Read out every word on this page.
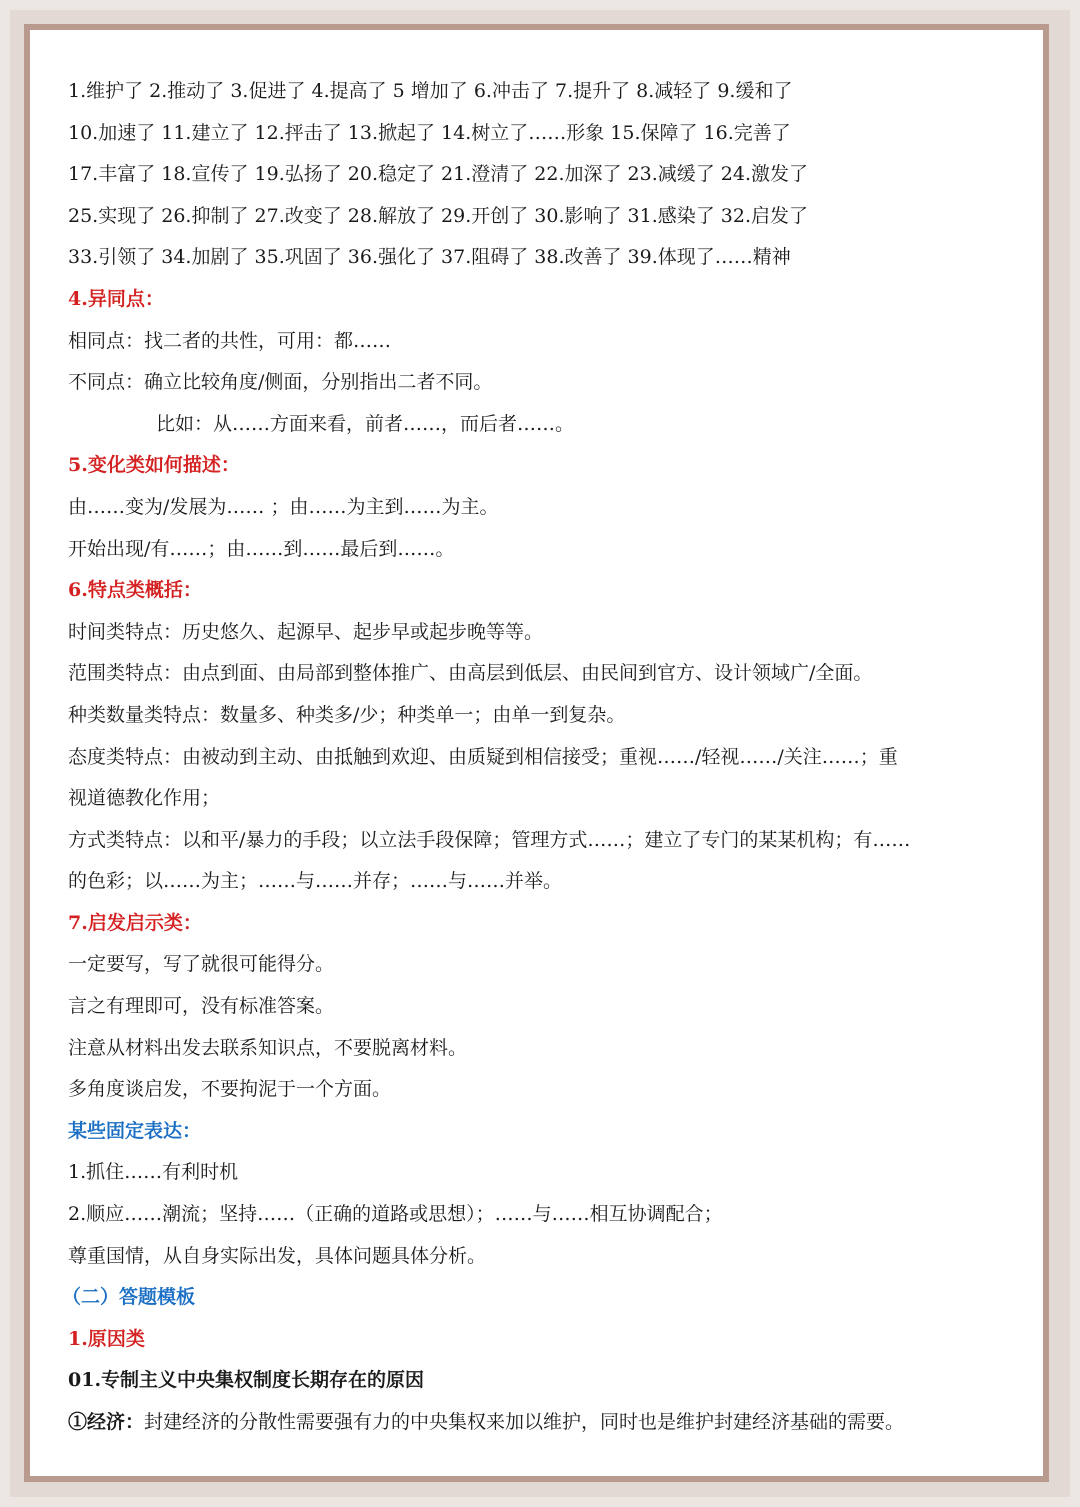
1.维护了 2.推动了 3.促进了 4.提高了 5 增加了 6.冲击了 7.提升了 8.减轻了 9.缓和了
10.加速了 11.建立了 12.抨击了 13.掀起了 14.树立了……形象 15.保障了 16.完善了
17.丰富了 18.宣传了 19.弘扬了 20.稳定了 21.澄清了 22.加深了 23.减缓了 24.激发了
25.实现了 26.抑制了 27.改变了 28.解放了 29.开创了 30.影响了 31.感染了 32.启发了
33.引领了 34.加剧了 35.巩固了 36.强化了 37.阻碍了 38.改善了 39.体现了……精神
4.异同点：
相同点：找二者的共性，可用：都……
不同点：确立比较角度/侧面，分别指出二者不同。
比如：从……方面来看，前者……，而后者……。
5.变化类如何描述：
由……变为/发展为…… ；由……为主到……为主。
开始出现/有……；由……到……最后到……。
6.特点类概括：
时间类特点：历史悠久、起源早、起步早或起步晚等等。
范围类特点：由点到面、由局部到整体推广、由高层到低层、由民间到官方、设计领域广/全面。
种类数量类特点：数量多、种类多/少；种类单一；由单一到复杂。
态度类特点：由被动到主动、由抵触到欢迎、由质疑到相信接受；重视……/轻视……/关注……；重
视道德教化作用；
方式类特点：以和平/暴力的手段；以立法手段保障；管理方式……；建立了专门的某某机构；有……
的色彩；以……为主；……与……并存；……与……并举。
7.启发启示类：
一定要写，写了就很可能得分。
言之有理即可，没有标准答案。
注意从材料出发去联系知识点，不要脱离材料。
多角度谈启发，不要拘泥于一个方面。
某些固定表达：
1.抓住……有利时机
2.顺应……潮流；坚持……（正确的道路或思想）；……与……相互协调配合；
尊重国情，从自身实际出发，具体问题具体分析。
（二）答题模板
1.原因类
01.专制主义中央集权制度长期存在的原因
①经济：封建经济的分散性需要强有力的中央集权来加以维护，同时也是维护封建经济基础的需要。
